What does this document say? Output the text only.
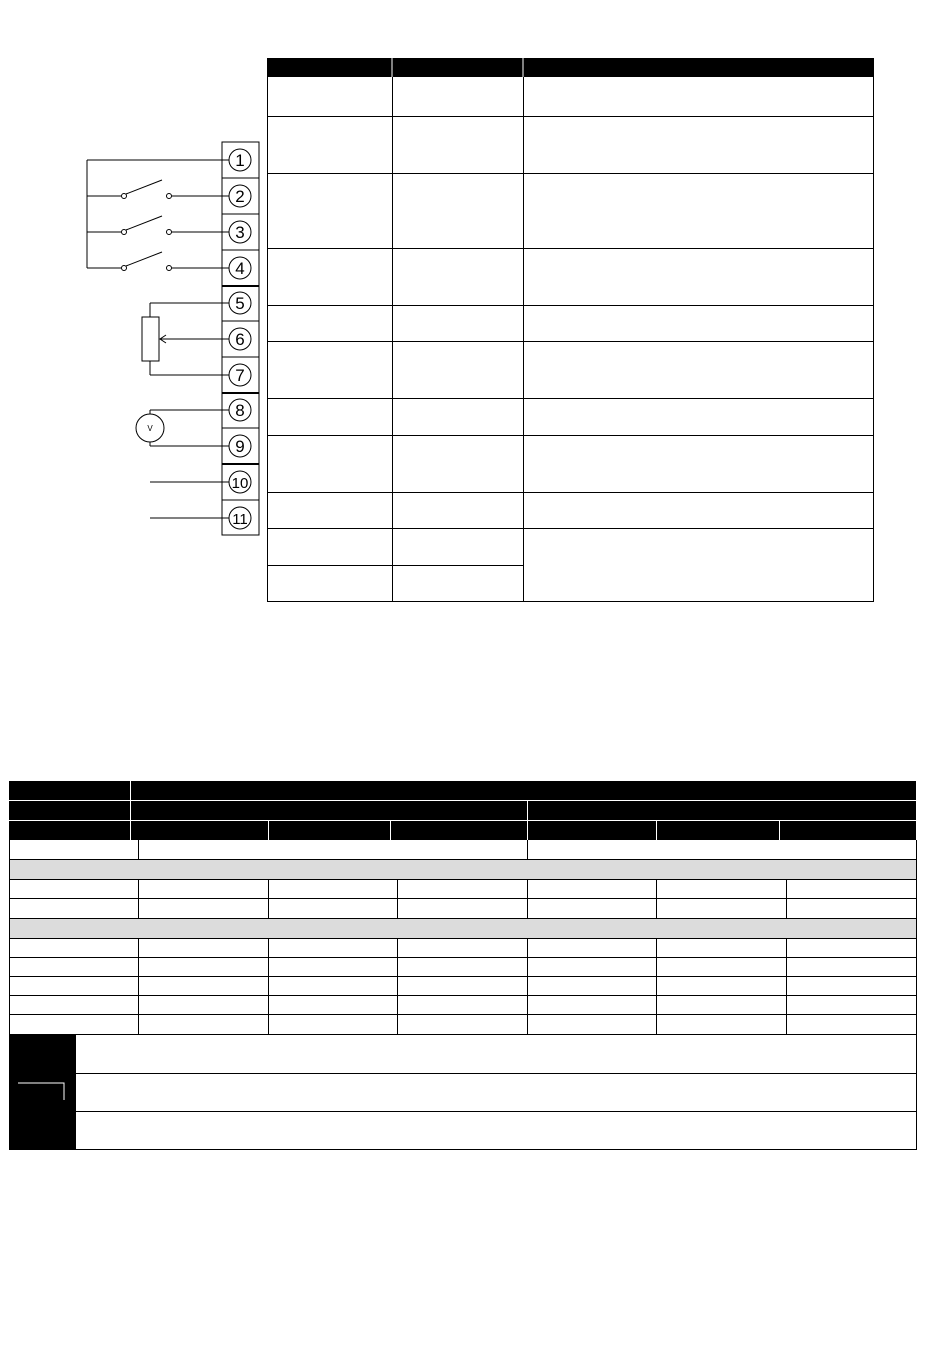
1
2
3
4
5
6
7
8
9
10
11
V
